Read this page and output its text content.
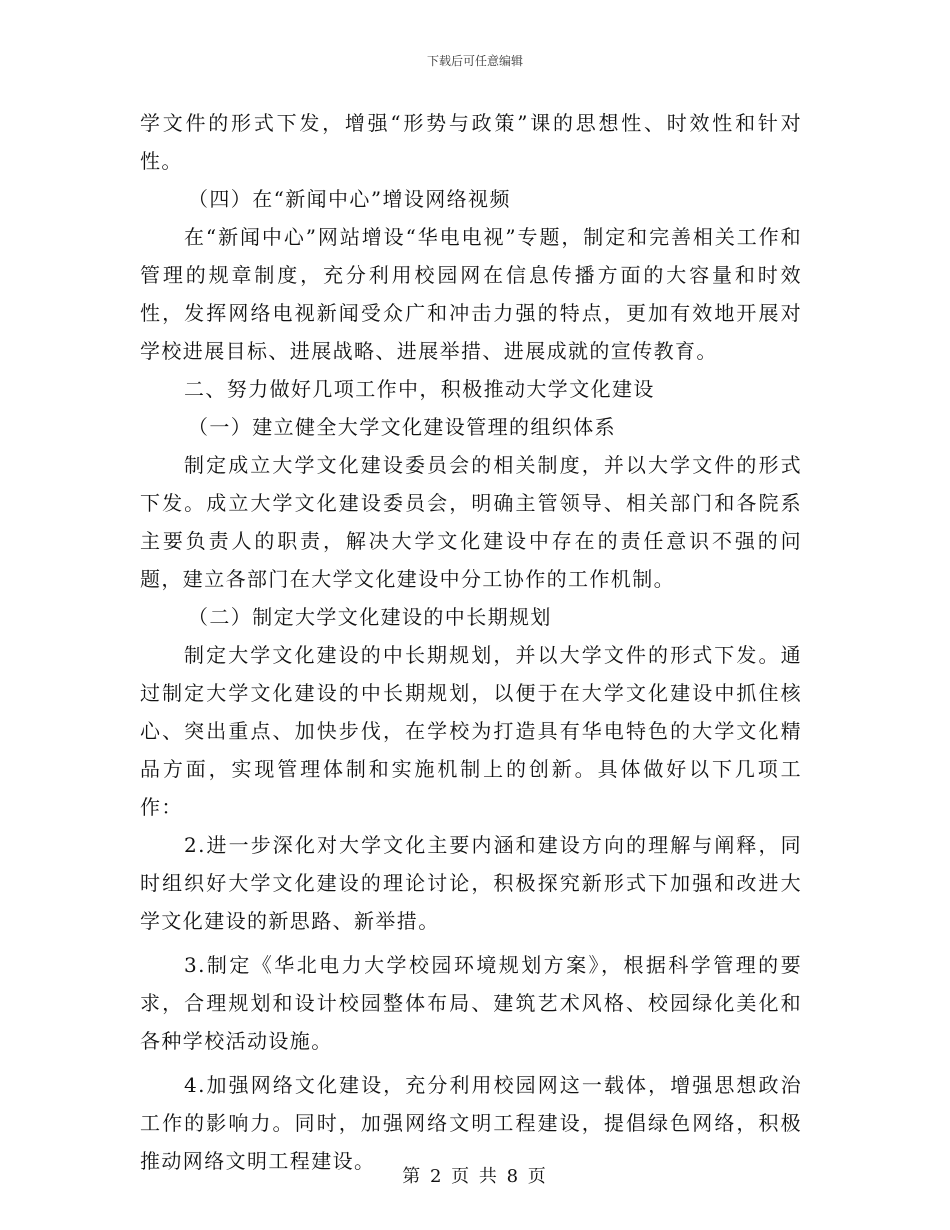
下载后可任意编辑

学文件的形式下发，增强“形势与政策”课的思想性、时效性和针对性。

（四）在“新闻中心”增设网络视频

在“新闻中心”网站增设“华电电视”专题，制定和完善相关工作和管理的规章制度，充分利用校园网在信息传播方面的大容量和时效性，发挥网络电视新闻受众广和冲击力强的特点，更加有效地开展对学校进展目标、进展战略、进展举措、进展成就的宣传教育。

二、努力做好几项工作中，积极推动大学文化建设

（一）建立健全大学文化建设管理的组织体系

制定成立大学文化建设委员会的相关制度，并以大学文件的形式下发。成立大学文化建设委员会，明确主管领导、相关部门和各院系主要负责人的职责，解决大学文化建设中存在的责任意识不强的问题，建立各部门在大学文化建设中分工协作的工作机制。

（二）制定大学文化建设的中长期规划

制定大学文化建设的中长期规划，并以大学文件的形式下发。通过制定大学文化建设的中长期规划，以便于在大学文化建设中抓住核心、突出重点、加快步伐，在学校为打造具有华电特色的大学文化精品方面，实现管理体制和实施机制上的创新。具体做好以下几项工作：

2.进一步深化对大学文化主要内涵和建设方向的理解与阐释，同时组织好大学文化建设的理论讨论，积极探究新形式下加强和改进大学文化建设的新思路、新举措。

3.制定《华北电力大学校园环境规划方案》，根据科学管理的要求，合理规划和设计校园整体布局、建筑艺术风格、校园绿化美化和各种学校活动设施。

4.加强网络文化建设，充分利用校园网这一载体，增强思想政治工作的影响力。同时，加强网络文明工程建设，提倡绿色网络，积极推动网络文明工程建设。

第 2 页 共 8 页
